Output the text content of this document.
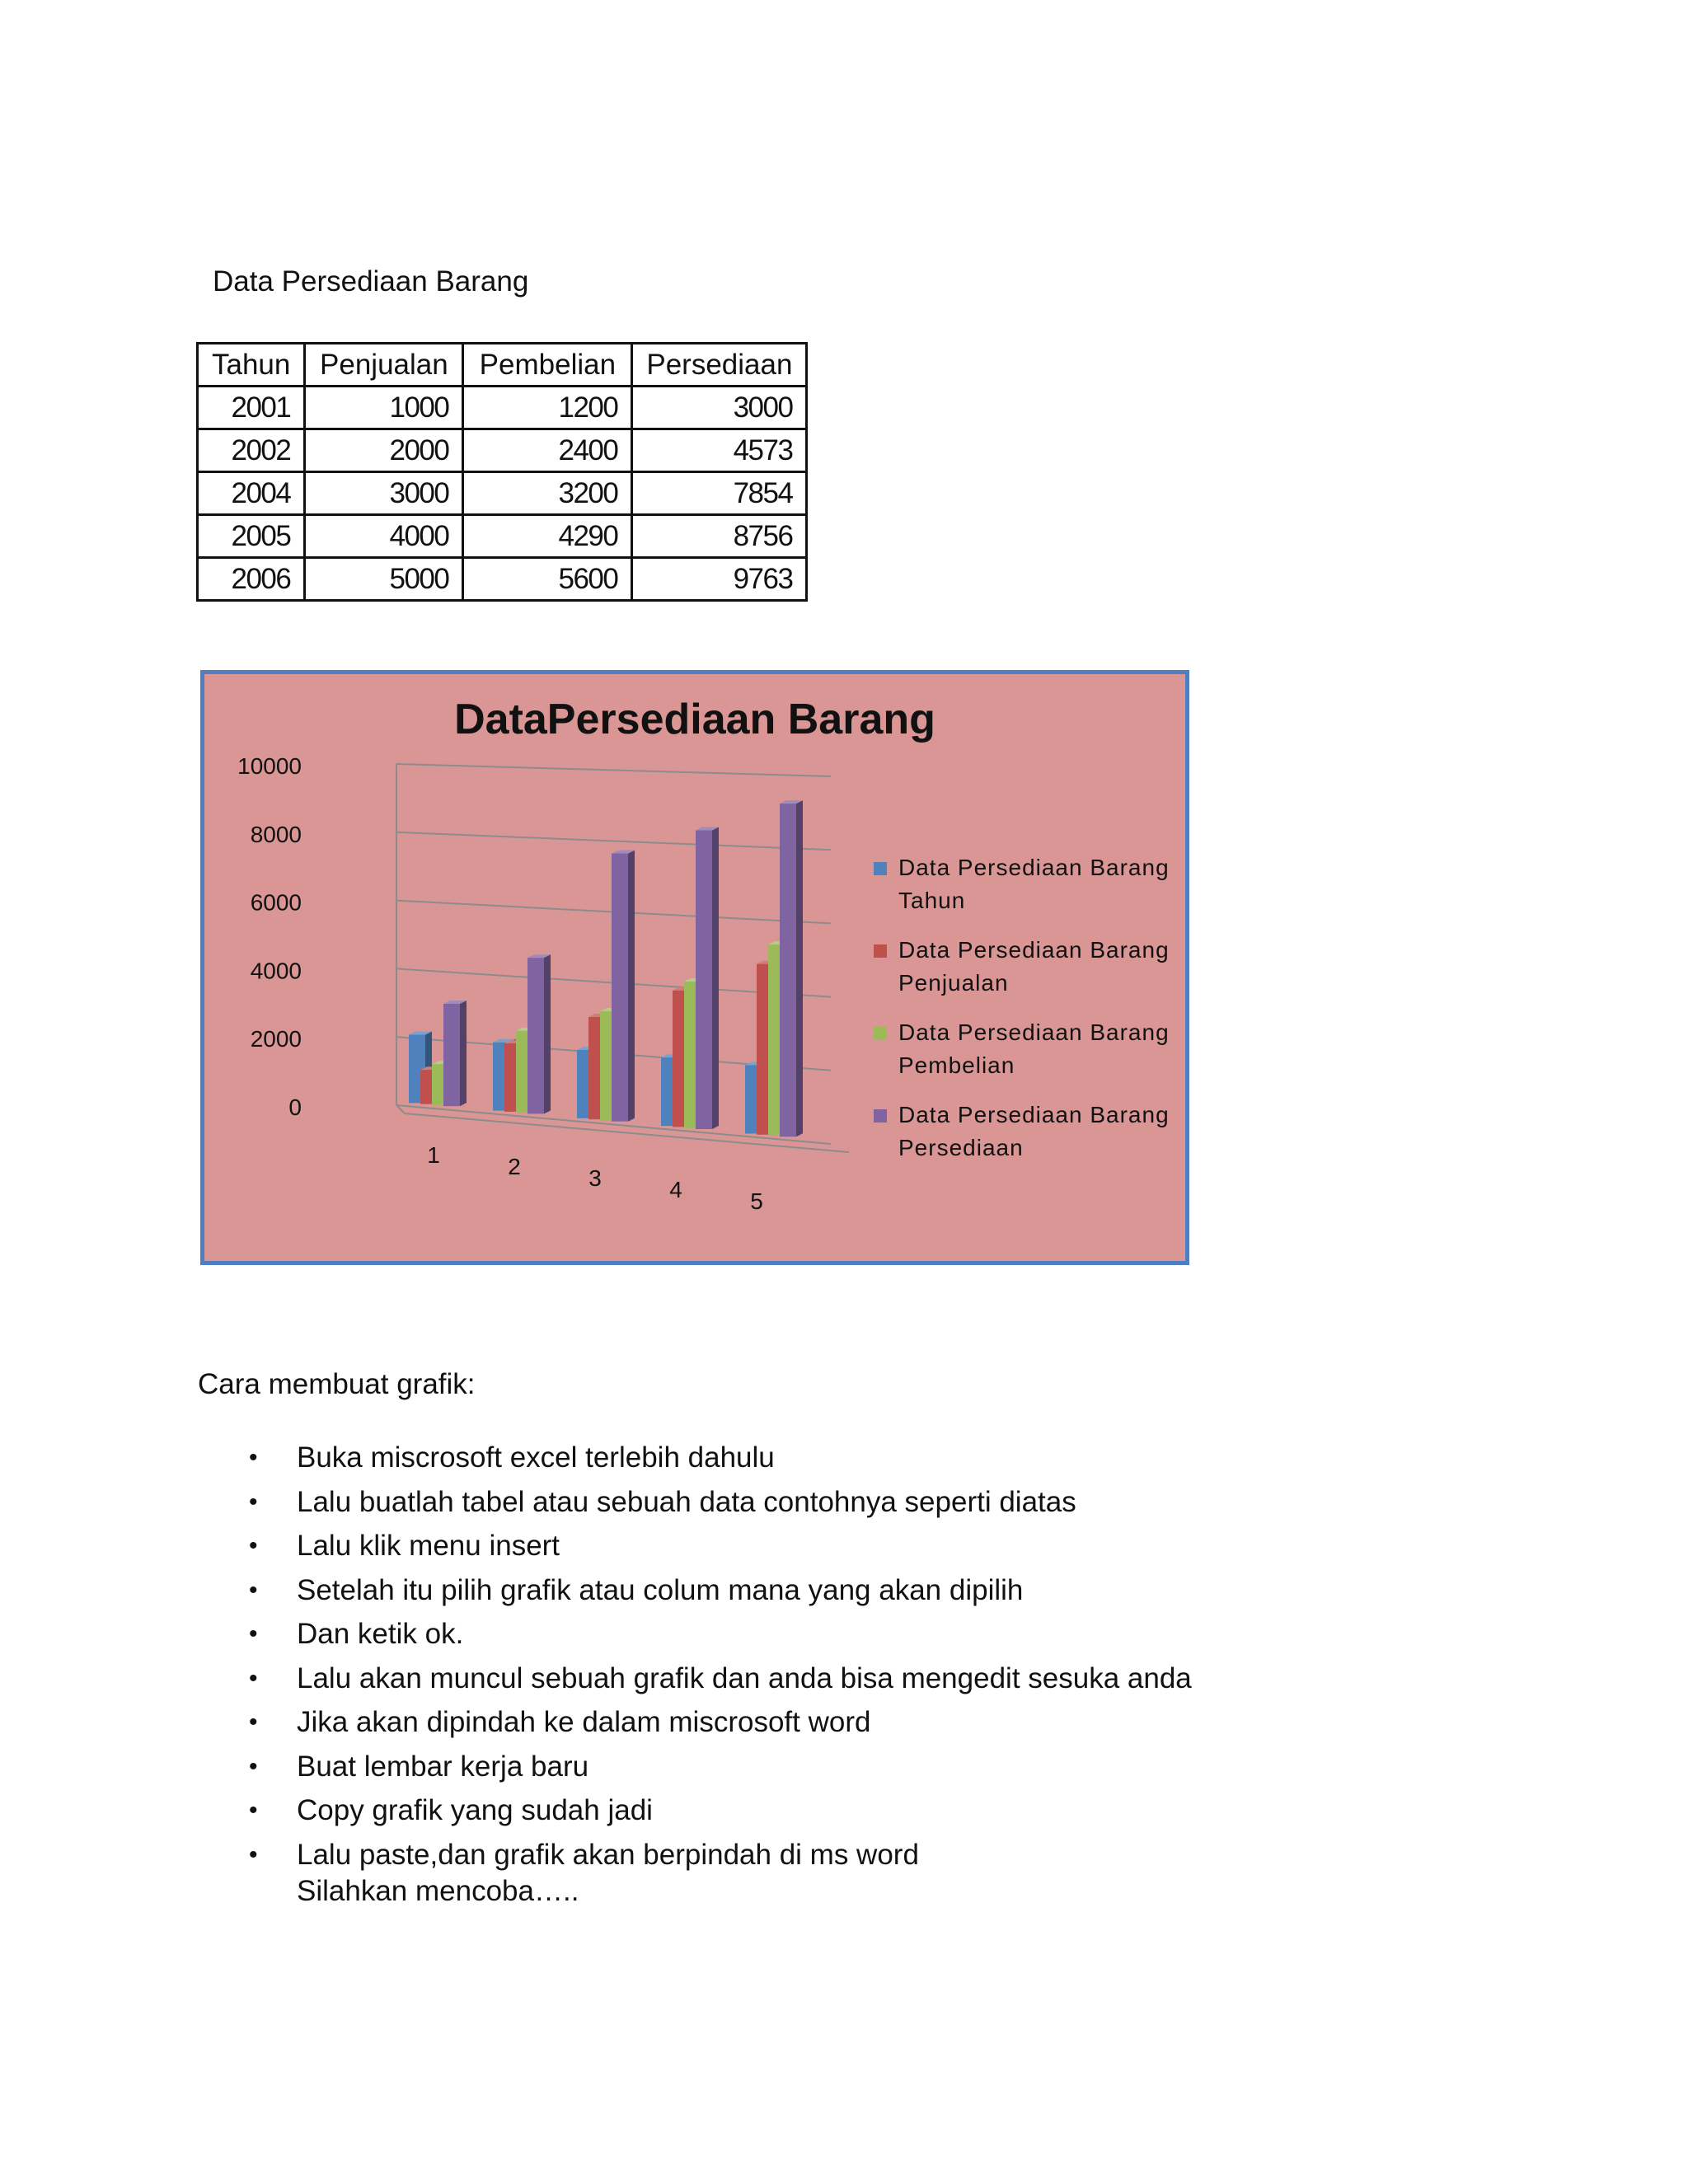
Data Persediaan Barang
Tahun	Penjualan	Pembelian	Persediaan
2001	1000	1200	3000
2002	2000	2400	4573
2004	3000	3200	7854
2005	4000	4290	8756
2006	5000	5600	9763
DataPersediaan Barang
0
2000
4000
6000
8000
10000
1	2	3	4	5
Data Persediaan Barang
Tahun
Data Persediaan Barang
Penjualan
Data Persediaan Barang
Pembelian
Data Persediaan Barang
Persediaan
Cara membuat grafik:
• Buka miscrosoft excel terlebih dahulu
• Lalu buatlah tabel atau sebuah data contohnya seperti diatas
• Lalu klik menu insert
• Setelah itu pilih grafik atau colum mana yang akan dipilih
• Dan ketik ok.
• Lalu akan muncul sebuah grafik dan anda bisa mengedit sesuka anda
• Jika akan dipindah ke dalam miscrosoft word
• Buat lembar kerja baru
• Copy grafik yang sudah jadi
• Lalu paste,dan grafik akan berpindah di ms word

Silahkan mencoba…..
